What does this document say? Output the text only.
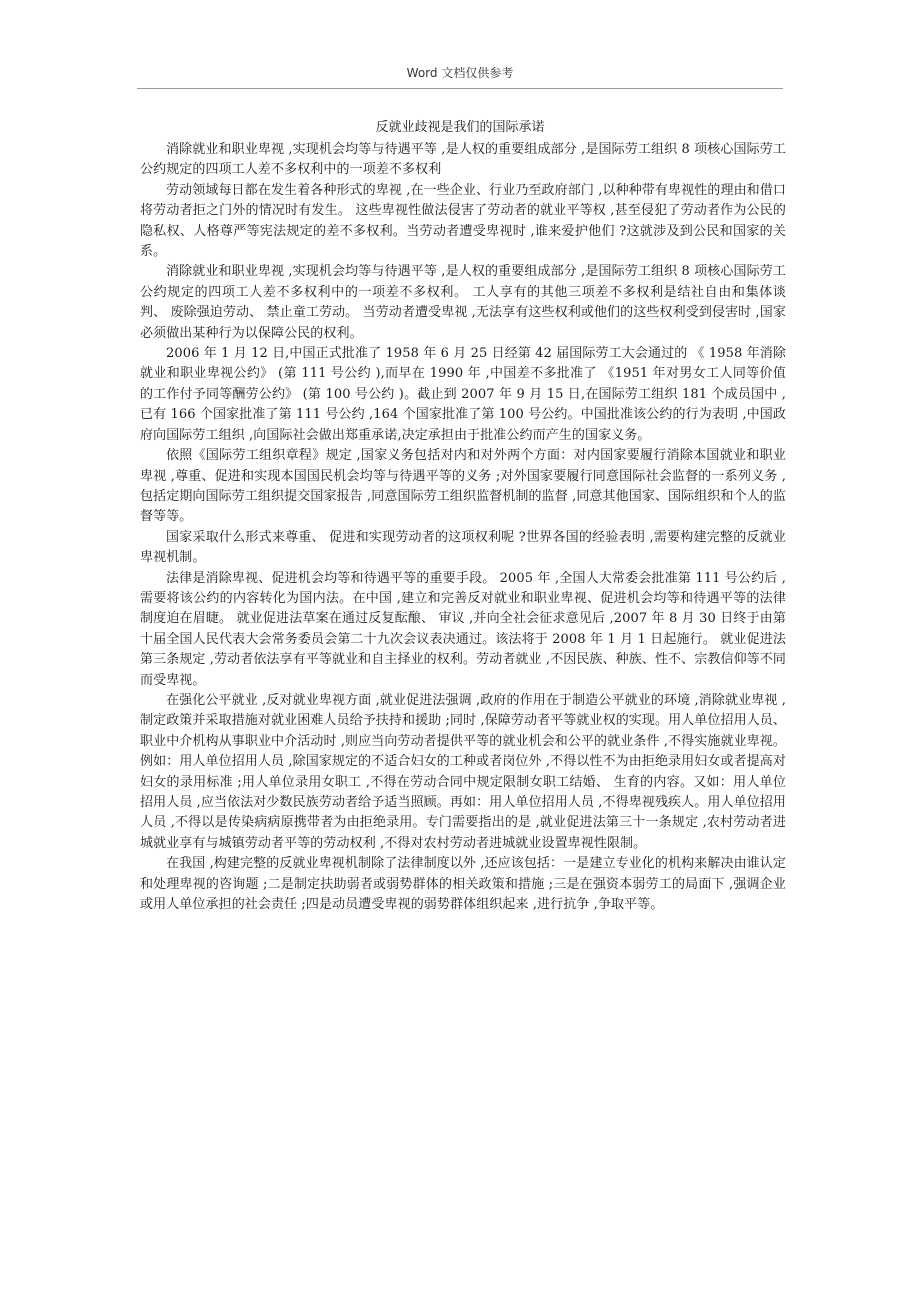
Word 文档仅供参考
反就业歧视是我们的国际承诺

消除就业和职业卑视 ,实现机会均等与待遇平等 ,是人权的重要组成部分 ,是国际劳工组织 8 项核心国际劳工公约规定的四项工人差不多权利中的一项差不多权利

劳动领域每日都在发生着各种形式的卑视 ,在一些企业、行业乃至政府部门 ,以种种带有卑视性的理由和借口将劳动者拒之门外的情况时有发生。 这些卑视性做法侵害了劳动者的就业平等权 ,甚至侵犯了劳动者作为公民的隐私权、人格尊严等宪法规定的差不多权利。当劳动者遭受卑视时 ,谁来爱护他们 ?这就涉及到公民和国家的关系。

消除就业和职业卑视 ,实现机会均等与待遇平等 ,是人权的重要组成部分 ,是国际劳工组织 8 项核心国际劳工公约规定的四项工人差不多权利中的一项差不多权利。 工人享有的其他三项差不多权利是结社自由和集体谈判、 废除强迫劳动、 禁止童工劳动。 当劳动者遭受卑视 ,无法享有这些权利或他们的这些权利受到侵害时 ,国家必须做出某种行为以保障公民的权利。

2006 年 1 月 12 日,中国正式批准了 1958 年 6 月 25 日经第 42 届国际劳工大会通过的 《 1958 年消除就业和职业卑视公约》 (第 111 号公约 ),而早在 1990 年 ,中国差不多批准了 《1951 年对男女工人同等价值的工作付予同等酬劳公约》 (第 100 号公约 )。截止到 2007 年 9 月 15 日,在国际劳工组织 181 个成员国中 ,已有 166 个国家批准了第 111 号公约 ,164 个国家批准了第 100 号公约。中国批准该公约的行为表明 ,中国政府向国际劳工组织 ,向国际社会做出郑重承诺,决定承担由于批准公约而产生的国家义务。

依照《国际劳工组织章程》规定 ,国家义务包括对内和对外两个方面：对内国家要履行消除本国就业和职业卑视 ,尊重、促进和实现本国国民机会均等与待遇平等的义务 ;对外国家要履行同意国际社会监督的一系列义务 ,包括定期向国际劳工组织提交国家报告 ,同意国际劳工组织监督机制的监督 ,同意其他国家、国际组织和个人的监督等等。

国家采取什么形式来尊重、 促进和实现劳动者的这项权利呢 ?世界各国的经验表明 ,需要构建完整的反就业卑视机制。

法律是消除卑视、促进机会均等和待遇平等的重要手段。 2005 年 ,全国人大常委会批准第 111 号公约后 ,需要将该公约的内容转化为国内法。在中国 ,建立和完善反对就业和职业卑视、促进机会均等和待遇平等的法律制度迫在眉睫。 就业促进法草案在通过反复酝酿、 审议 ,并向全社会征求意见后 ,2007 年 8 月 30 日终于由第十届全国人民代表大会常务委员会第二十九次会议表决通过。该法将于 2008 年 1 月 1 日起施行。 就业促进法第三条规定 ,劳动者依法享有平等就业和自主择业的权利。劳动者就业 ,不因民族、种族、性不、宗教信仰等不同而受卑视。

在强化公平就业 ,反对就业卑视方面 ,就业促进法强调 ,政府的作用在于制造公平就业的环境 ,消除就业卑视 ,制定政策并采取措施对就业困难人员给予扶持和援助 ;同时 ,保障劳动者平等就业权的实现。用人单位招用人员、职业中介机构从事职业中介活动时 ,则应当向劳动者提供平等的就业机会和公平的就业条件 ,不得实施就业卑视。例如：用人单位招用人员 ,除国家规定的不适合妇女的工种或者岗位外 ,不得以性不为由拒绝录用妇女或者提高对妇女的录用标准 ;用人单位录用女职工 ,不得在劳动合同中规定限制女职工结婚、 生育的内容。又如：用人单位招用人员 ,应当依法对少数民族劳动者给予适当照顾。再如：用人单位招用人员 ,不得卑视残疾人。用人单位招用人员 ,不得以是传染病病原携带者为由拒绝录用。专门需要指出的是 ,就业促进法第三十一条规定 ,农村劳动者进城就业享有与城镇劳动者平等的劳动权利 ,不得对农村劳动者进城就业设置卑视性限制。

在我国 ,构建完整的反就业卑视机制除了法律制度以外 ,还应该包括：一是建立专业化的机构来解决由谁认定和处理卑视的咨询题 ;二是制定扶助弱者或弱势群体的相关政策和措施 ;三是在强资本弱劳工的局面下 ,强调企业或用人单位承担的社会责任 ;四是动员遭受卑视的弱势群体组织起来 ,进行抗争 ,争取平等。
